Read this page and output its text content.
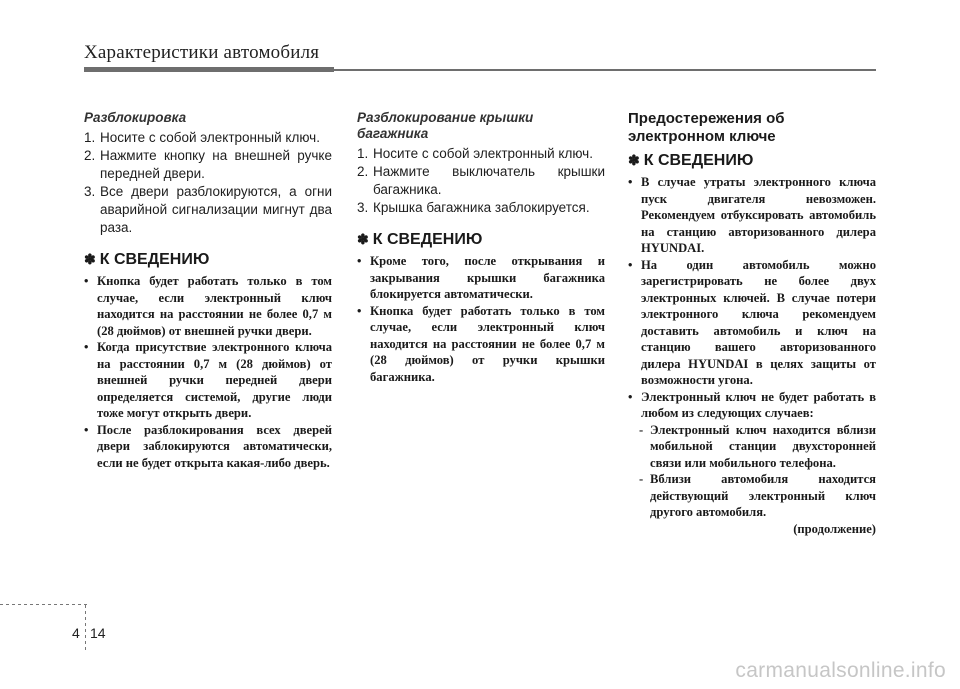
Характеристики автомобиля
Разблокировка
1. Носите с собой электронный ключ.
2. Нажмите кнопку на внешней ручке передней двери.
3. Все двери разблокируются, а огни аварийной сигнализации мигнут два раза.
✽ К СВЕДЕНИЮ
• Кнопка будет работать только в том случае, если электронный ключ находится на расстоянии не более 0,7 м (28 дюймов) от внешней ручки двери.
• Когда присутствие электронного ключа на расстоянии 0,7 м (28 дюймов) от внешней ручки передней двери определяется системой, другие люди тоже могут открыть двери.
• После разблокирования всех дверей двери заблокируются автоматически, если не будет открыта какая-либо дверь.
Разблокирование крышки
багажника
1. Носите с собой электронный ключ.
2. Нажмите выключатель крышки багажника.
3. Крышка багажника заблокируется.
✽ К СВЕДЕНИЮ
• Кроме того, после открывания и закрывания крышки багажника блокируется автоматически.
• Кнопка будет работать только в том случае, если электронный ключ находится на расстоянии не более 0,7 м (28 дюймов) от ручки крышки багажника.
Предостережения об
электронном ключе
✽ К СВЕДЕНИЮ
• В случае утраты электронного ключа пуск двигателя невозможен. Рекомендуем отбуксировать автомобиль на станцию авторизованного дилера HYUNDAI.
• На один автомобиль можно зарегистрировать не более двух электронных ключей. В случае потери электронного ключа рекомендуем доставить автомобиль и ключ на станцию вашего авторизованного дилера HYUNDAI в целях защиты от возможности угона.
• Электронный ключ не будет работать в любом из следующих случаев:
- Электронный ключ находится вблизи мобильной станции двухсторонней связи или мобильного телефона.
- Вблизи автомобиля находится действующий электронный ключ другого автомобиля.
(продолжение)
4 14
carmanualsonline.info
